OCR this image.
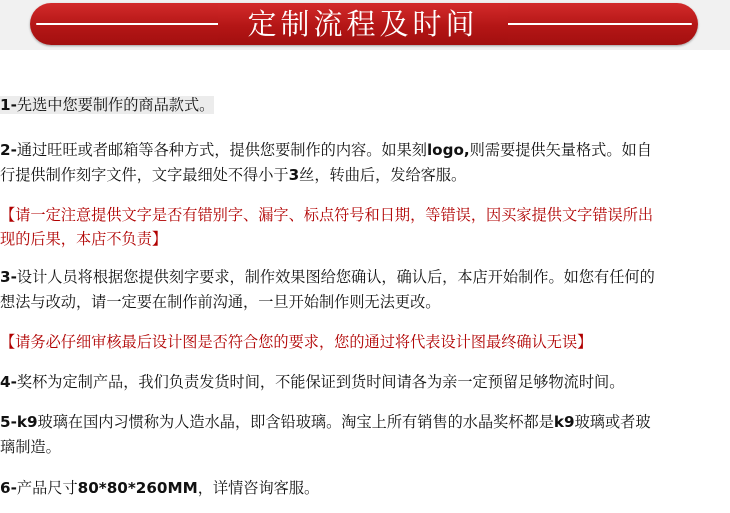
定制流程及时间
1-先选中您要制作的商品款式。
2-通过旺旺或者邮箱等各种方式，提供您要制作的内容。如果刻logo,则需要提供矢量格式。如自
行提供制作刻字文件，文字最细处不得小于3丝，转曲后，发给客服。
【请一定注意提供文字是否有错别字、漏字、标点符号和日期，等错误，因买家提供文字错误所出
现的后果，本店不负责】
3-设计人员将根据您提供刻字要求，制作效果图给您确认，确认后，本店开始制作。如您有任何的
想法与改动，请一定要在制作前沟通，一旦开始制作则无法更改。
【请务必仔细审核最后设计图是否符合您的要求，您的通过将代表设计图最终确认无误】
4-奖杯为定制产品，我们负责发货时间，不能保证到货时间请各为亲一定预留足够物流时间。
5-k9玻璃在国内习惯称为人造水晶，即含铅玻璃。淘宝上所有销售的水晶奖杯都是k9玻璃或者玻
璃制造。
6-产品尺寸80*80*260MM，详情咨询客服。
